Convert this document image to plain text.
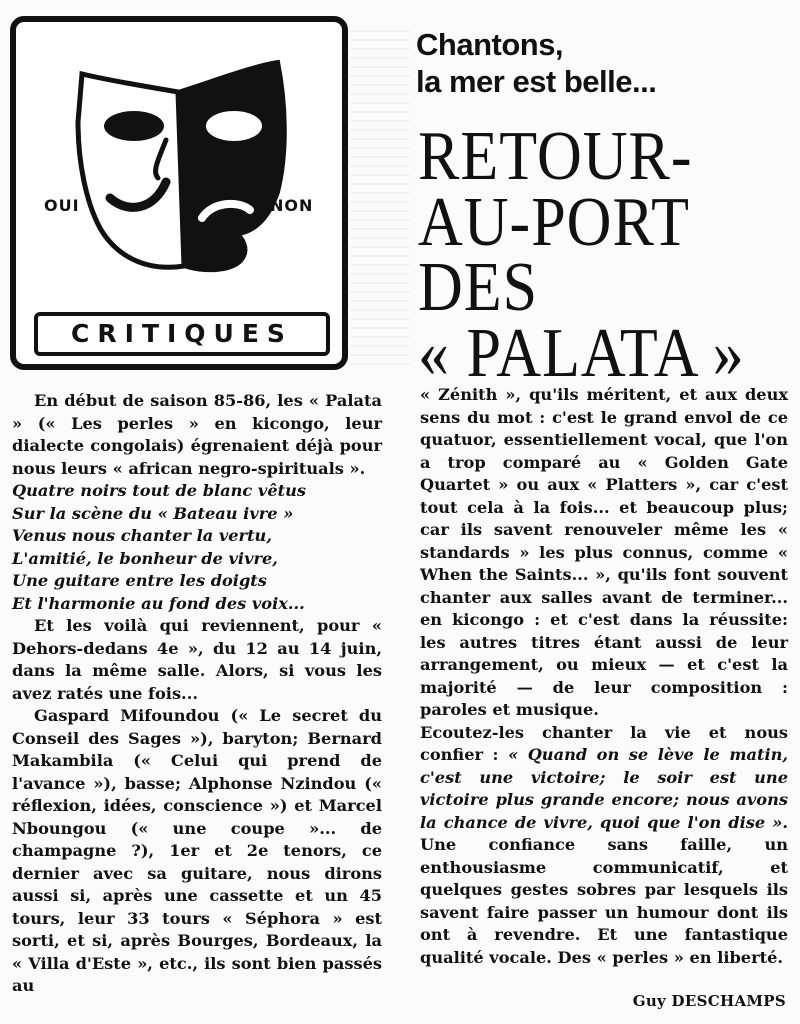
OUI	NON
CRITIQUES
Chantons,
la mer est belle...
RETOUR-
AU-PORT
DES
« PALATA »

En début de saison 85-86, les « Palata » (« Les perles » en kicongo, leur dialecte congolais) égrenaient déjà pour nous leurs « african negro-spirituals ».

Quatre noirs tout de blanc vêtus

Sur la scène du « Bateau ivre »

Venus nous chanter la vertu,

L'amitié, le bonheur de vivre,

Une guitare entre les doigts

Et l'harmonie au fond des voix...

Et les voilà qui reviennent, pour « Dehors-dedans 4e », du 12 au 14 juin, dans la même salle. Alors, si vous les avez ratés une fois...

Gaspard Mifoundou (« Le secret du Conseil des Sages »), baryton; Bernard Makambila (« Celui qui prend de l'avance »), basse; Alphonse Nzindou (« réflexion, idées, conscience ») et Marcel Nboungou (« une coupe »... de champagne ?), 1er et 2e tenors, ce dernier avec sa guitare, nous dirons aussi si, après une cassette et un 45 tours, leur 33 tours « Séphora » est sorti, et si, après Bourges, Bordeaux, la « Villa d'Este », etc., ils sont bien passés au

« Zénith », qu'ils méritent, et aux deux sens du mot : c'est le grand envol de ce quatuor, essentiellement vocal, que l'on a trop comparé au « Golden Gate Quartet » ou aux « Platters », car c'est tout cela à la fois... et beaucoup plus; car ils savent renouveler même les « standards » les plus connus, comme « When the Saints... », qu'ils font souvent chanter aux salles avant de terminer... en kicongo : et c'est dans la réussite: les autres titres étant aussi de leur arrangement, ou mieux — et c'est la majorité — de leur composition : paroles et musique.

Ecoutez-les chanter la vie et nous confier : « Quand on se lève le matin, c'est une victoire; le soir est une victoire plus grande encore; nous avons la chance de vivre, quoi que l'on dise ». Une confiance sans faille, un enthousiasme communicatif, et quelques gestes sobres par lesquels ils savent faire passer un humour dont ils ont à revendre. Et une fantastique qualité vocale. Des « perles » en liberté.

Guy DESCHAMPS
